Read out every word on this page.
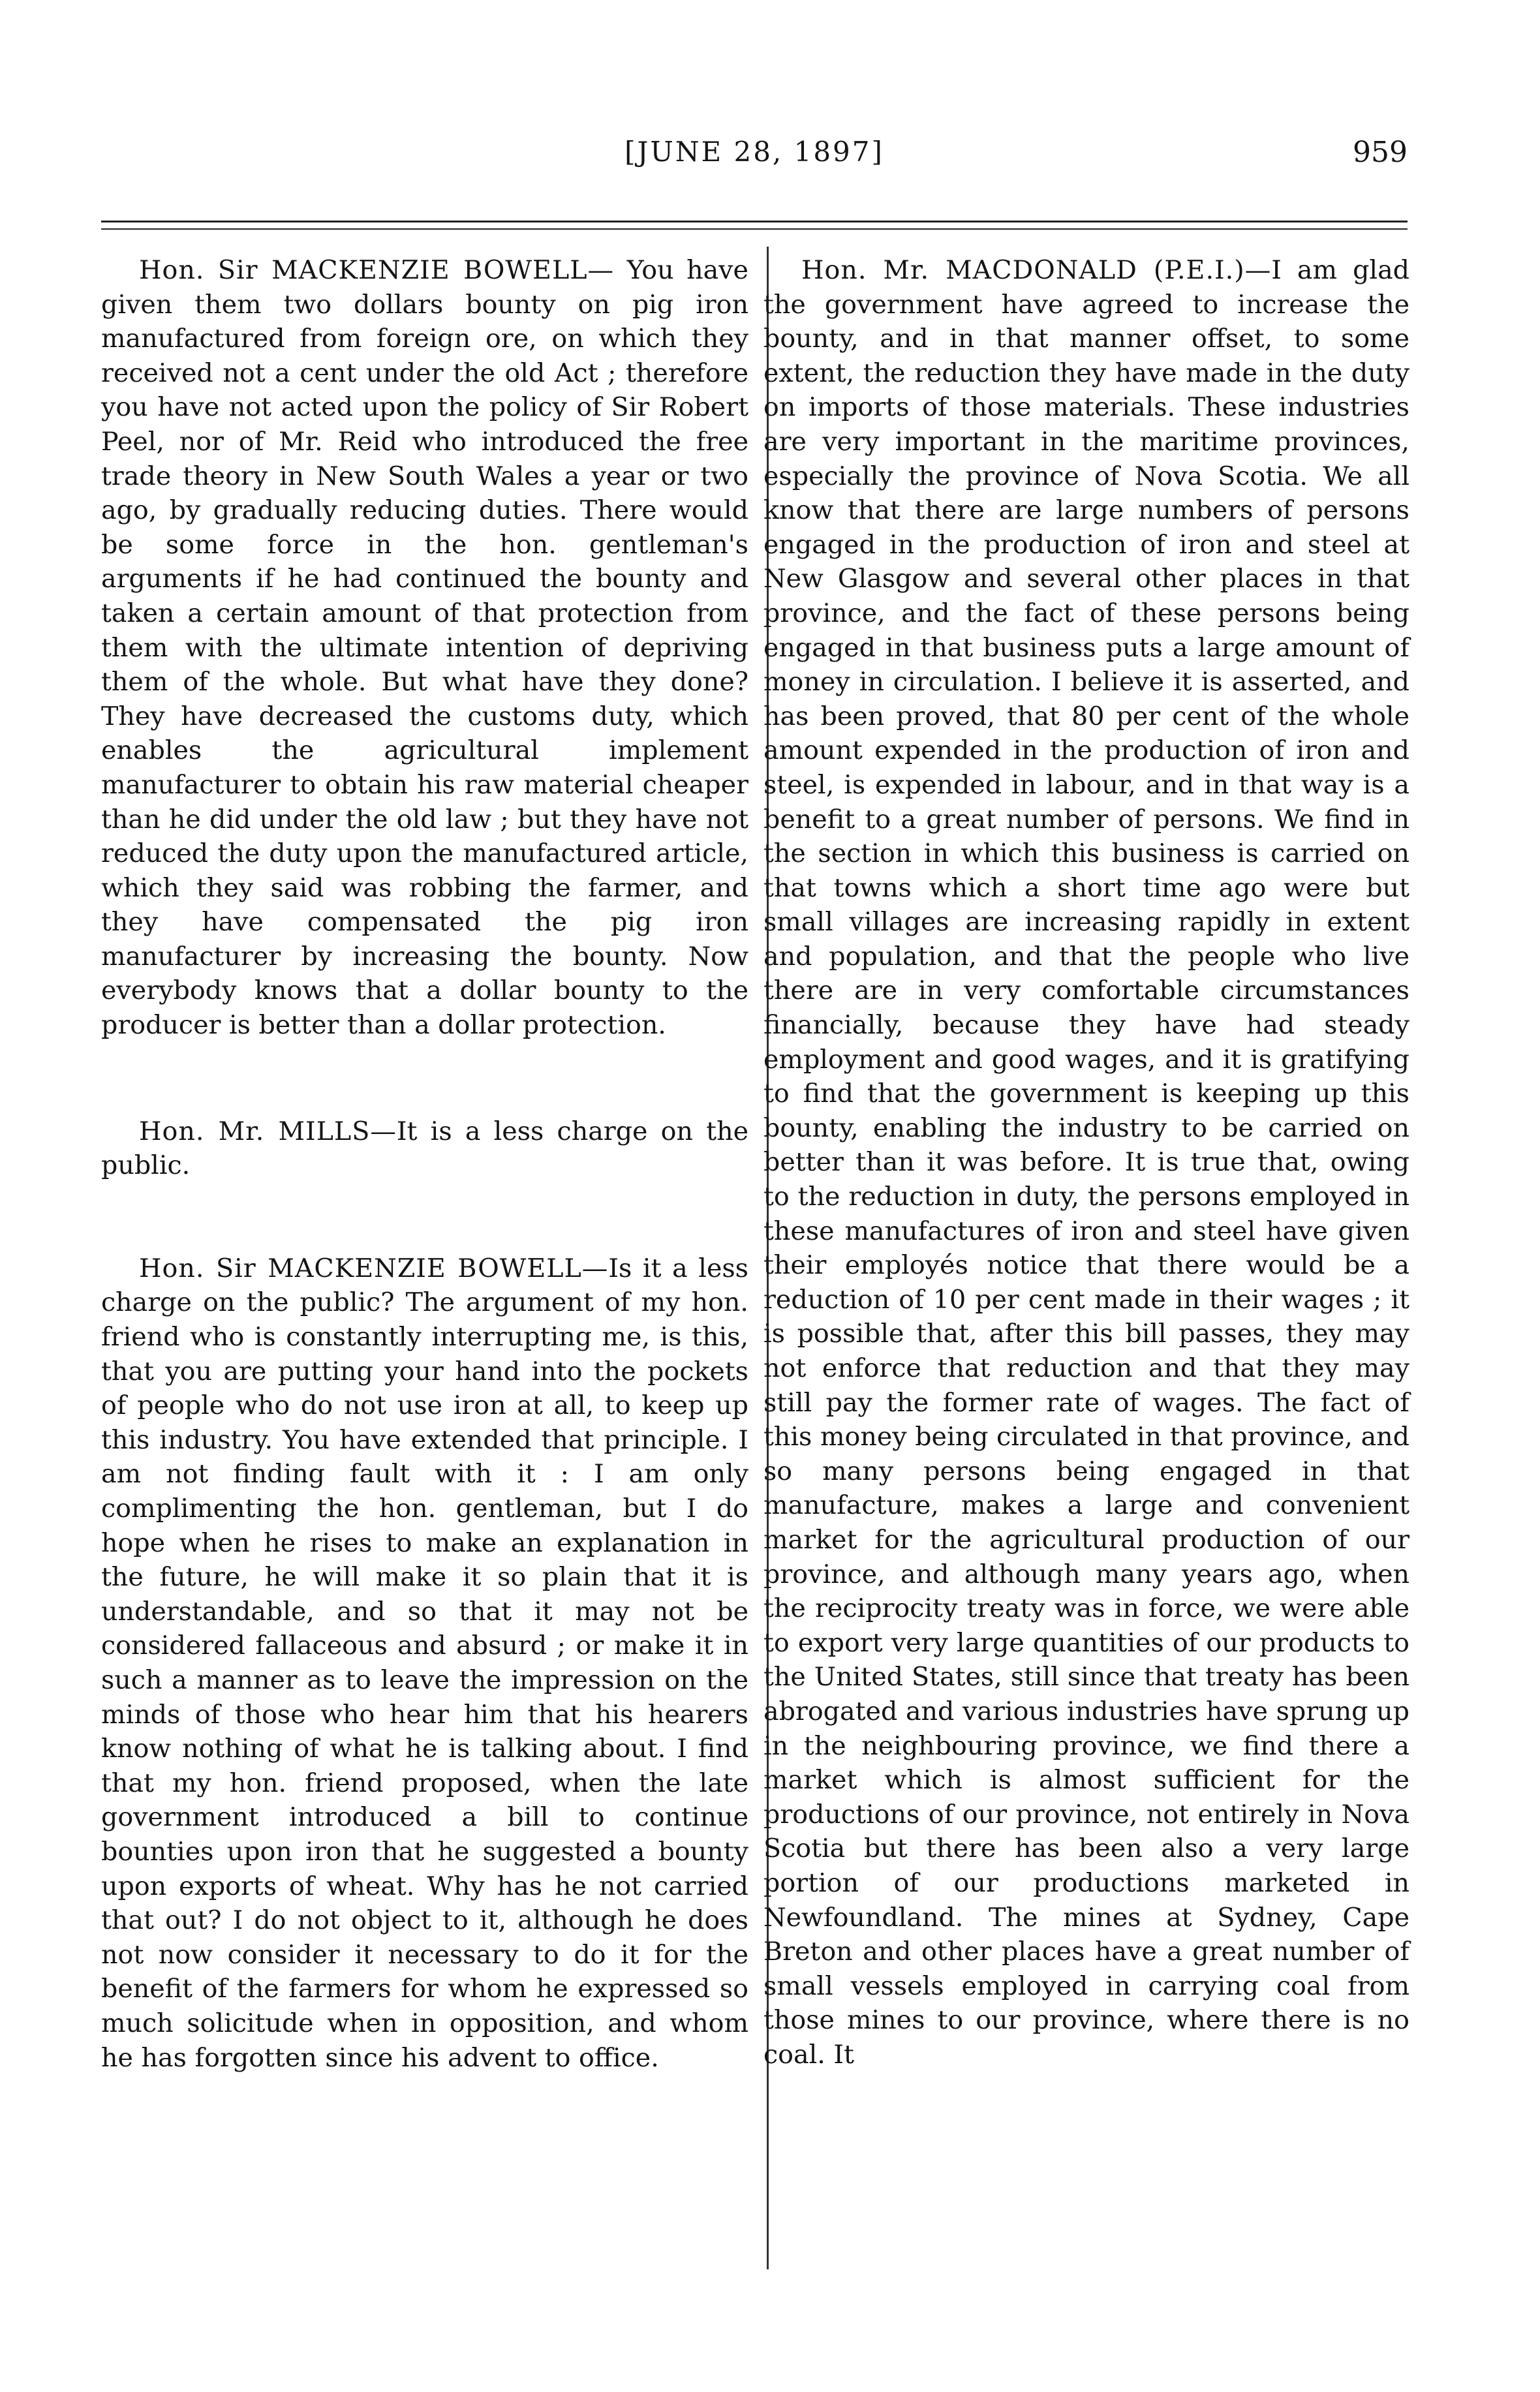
[JUNE 28, 1897]	959

Hon. Sir MACKENZIE BOWELL— You have given them two dollars bounty on pig iron manufactured from foreign ore, on which they received not a cent under the old Act ; therefore you have not acted upon the policy of Sir Robert Peel, nor of Mr. Reid who introduced the free trade theory in New South Wales a year or two ago, by gradually reducing duties. There would be some force in the hon. gentleman's arguments if he had continued the bounty and taken a certain amount of that protection from them with the ultimate intention of depriving them of the whole. But what have they done? They have decreased the customs duty, which enables the agricultural implement manufacturer to obtain his raw material cheaper than he did under the old law ; but they have not reduced the duty upon the manufactured article, which they said was robbing the farmer, and they have compensated the pig iron manufacturer by increasing the bounty. Now everybody knows that a dollar bounty to the producer is better than a dollar protection.

Hon. Mr. MILLS—It is a less charge on the public.

Hon. Sir MACKENZIE BOWELL—Is it a less charge on the public? The argument of my hon. friend who is constantly interrupting me, is this, that you are putting your hand into the pockets of people who do not use iron at all, to keep up this industry. You have extended that principle. I am not finding fault with it : I am only complimenting the hon. gentleman, but I do hope when he rises to make an explanation in the future, he will make it so plain that it is understandable, and so that it may not be considered fallaceous and absurd ; or make it in such a manner as to leave the impression on the minds of those who hear him that his hearers know nothing of what he is talking about. I find that my hon. friend proposed, when the late government introduced a bill to continue bounties upon iron that he suggested a bounty upon exports of wheat. Why has he not carried that out? I do not object to it, although he does not now consider it necessary to do it for the benefit of the farmers for whom he expressed so much solicitude when in opposition, and whom he has forgotten since his advent to office.

Hon. Mr. MACDONALD (P.E.I.)—I am glad the government have agreed to increase the bounty, and in that manner offset, to some extent, the reduction they have made in the duty on imports of those materials. These industries are very important in the maritime provinces, especially the province of Nova Scotia. We all know that there are large numbers of persons engaged in the production of iron and steel at New Glasgow and several other places in that province, and the fact of these persons being engaged in that business puts a large amount of money in circulation. I believe it is asserted, and has been proved, that 80 per cent of the whole amount expended in the production of iron and steel, is expended in labour, and in that way is a benefit to a great number of persons. We find in the section in which this business is carried on that towns which a short time ago were but small villages are increasing rapidly in extent and population, and that the people who live there are in very comfortable circumstances financially, because they have had steady employment and good wages, and it is gratifying to find that the government is keeping up this bounty, enabling the industry to be carried on better than it was before. It is true that, owing to the reduction in duty, the persons employed in these manufactures of iron and steel have given their employés notice that there would be a reduction of 10 per cent made in their wages ; it is possible that, after this bill passes, they may not enforce that reduction and that they may still pay the former rate of wages. The fact of this money being circulated in that province, and so many persons being engaged in that manufacture, makes a large and convenient market for the agricultural production of our province, and although many years ago, when the reciprocity treaty was in force, we were able to export very large quantities of our products to the United States, still since that treaty has been abrogated and various industries have sprung up in the neighbouring province, we find there a market which is almost sufficient for the productions of our province, not entirely in Nova Scotia but there has been also a very large portion of our productions marketed in Newfoundland. The mines at Sydney, Cape Breton and other places have a great number of small vessels employed in carrying coal from those mines to our province, where there is no coal. It
